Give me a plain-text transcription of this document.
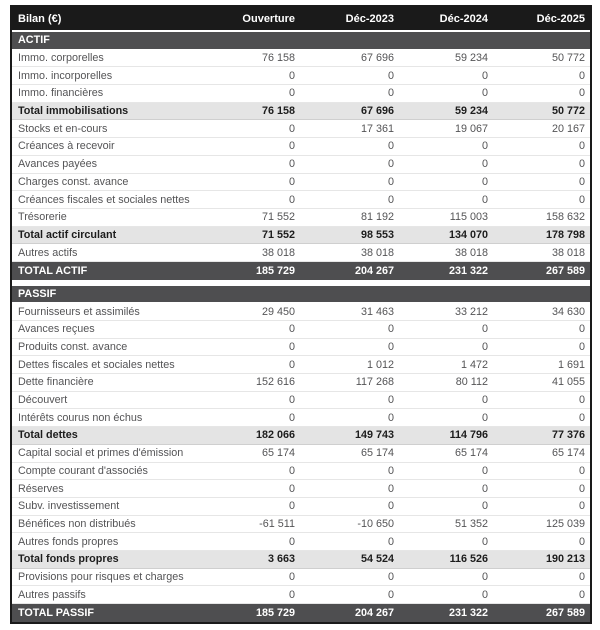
Bilan (€)	Ouverture	Déc-2023	Déc-2024	Déc-2025
ACTIF
Immo. corporelles	76 158	67 696	59 234	50 772
Immo. incorporelles	0	0	0	0
Immo. financières	0	0	0	0
Total immobilisations	76 158	67 696	59 234	50 772
Stocks et en-cours	0	17 361	19 067	20 167
Créances à recevoir	0	0	0	0
Avances payées	0	0	0	0
Charges const. avance	0	0	0	0
Créances fiscales et sociales nettes	0	0	0	0
Trésorerie	71 552	81 192	115 003	158 632
Total actif circulant	71 552	98 553	134 070	178 798
Autres actifs	38 018	38 018	38 018	38 018
TOTAL ACTIF	185 729	204 267	231 322	267 589
PASSIF
Fournisseurs et assimilés	29 450	31 463	33 212	34 630
Avances reçues	0	0	0	0
Produits const. avance	0	0	0	0
Dettes fiscales et sociales nettes	0	1 012	1 472	1 691
Dette financière	152 616	117 268	80 112	41 055
Découvert	0	0	0	0
Intérêts courus non échus	0	0	0	0
Total dettes	182 066	149 743	114 796	77 376
Capital social et primes d'émission	65 174	65 174	65 174	65 174
Compte courant d'associés	0	0	0	0
Réserves	0	0	0	0
Subv. investissement	0	0	0	0
Bénéfices non distribués	-61 511	-10 650	51 352	125 039
Autres fonds propres	0	0	0	0
Total fonds propres	3 663	54 524	116 526	190 213
Provisions pour risques et charges	0	0	0	0
Autres passifs	0	0	0	0
TOTAL PASSIF	185 729	204 267	231 322	267 589
